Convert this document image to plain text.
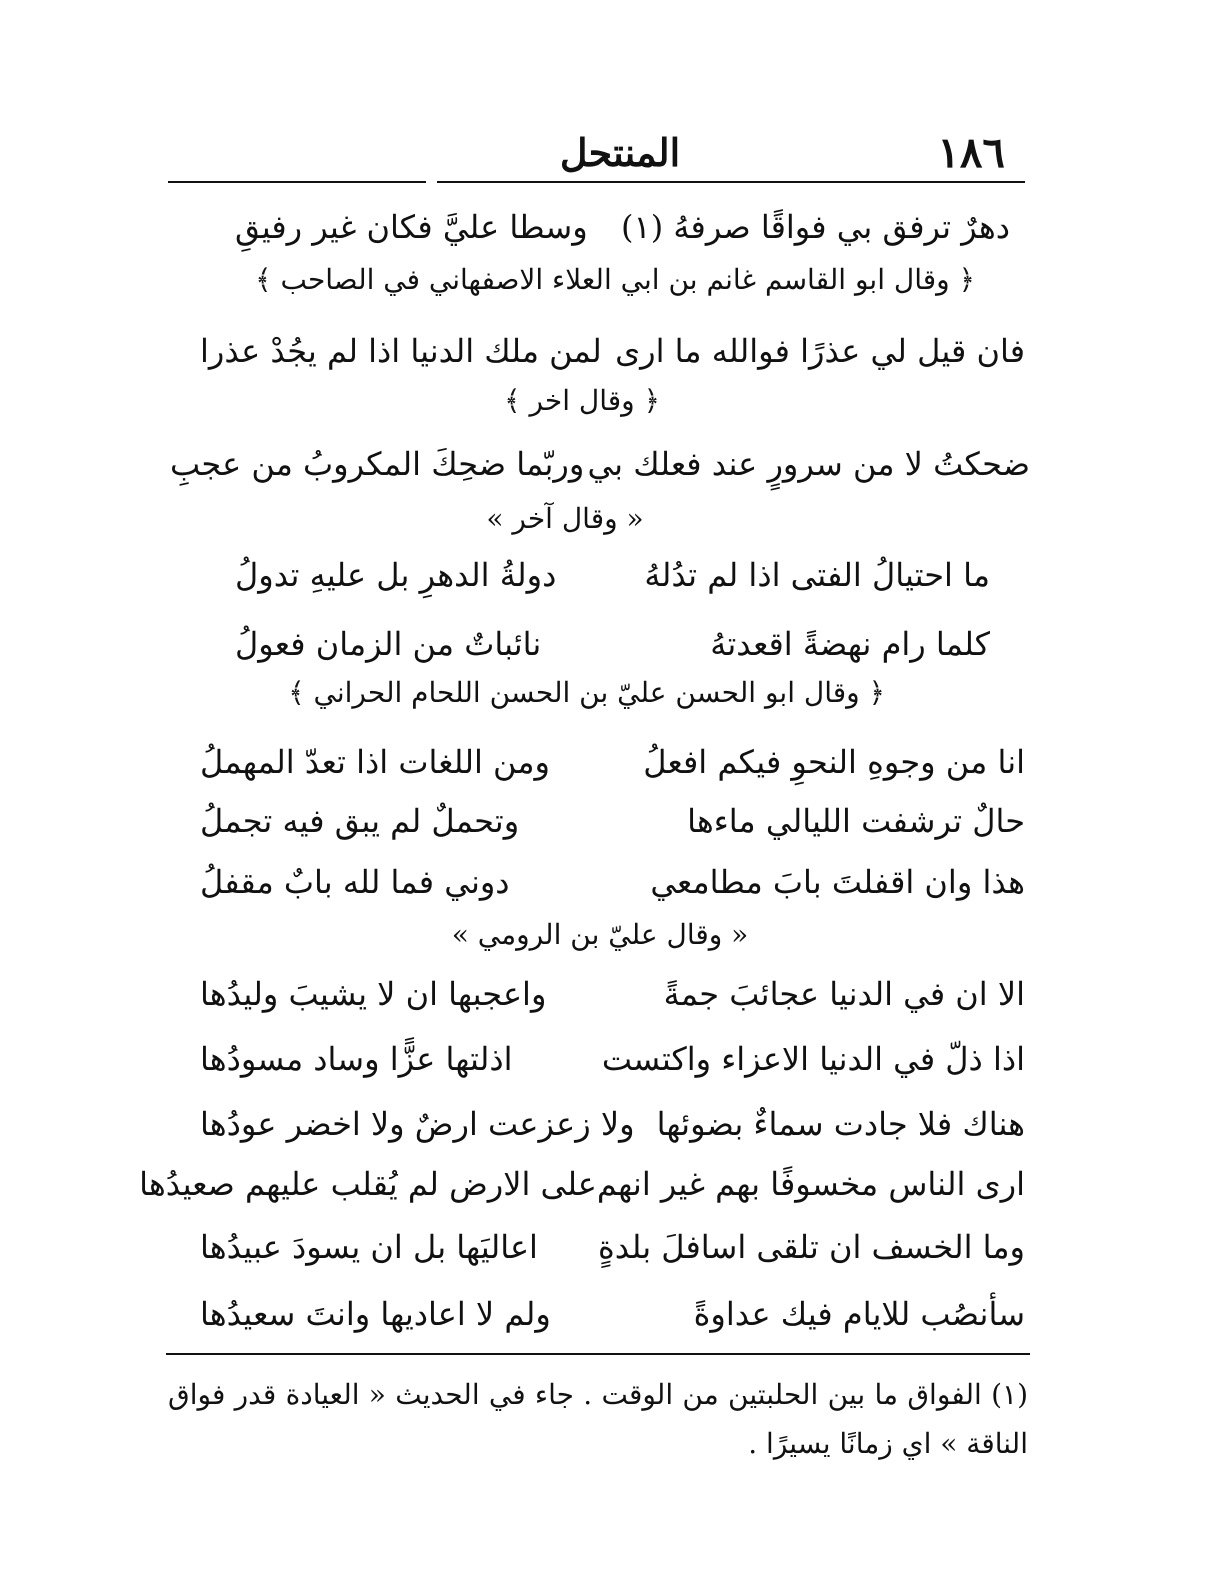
١٨٦
المنتحل
دهرٌ ترفق بي فواقًا صرفهُ (١)
وسطا عليَّ فكان غير رفيقِ
﴿ وقال ابو القاسم غانم بن ابي العلاء الاصفهاني في الصاحب ﴾
فان قيل لي عذرًا فوالله ما ارى
لمن ملك الدنيا اذا لم يجُدْ عذرا
﴿ وقال اخر ﴾
ضحكتُ لا من سرورٍ عند فعلك بي
وربّما ضحِكَ المكروبُ من عجبِ
« وقال آخر »
ما احتيالُ الفتى اذا لم تدُلهُ
دولةُ الدهرِ بل عليهِ تدولُ
كلما رام نهضةً اقعدتهُ
نائباتٌ من الزمان فعولُ
﴿ وقال ابو الحسن عليّ بن الحسن اللحام الحراني ﴾
انا من وجوهِ النحوِ فيكم افعلُ
ومن اللغات اذا تعدّ المهملُ
حالٌ ترشفت الليالي ماءها
وتحملٌ لم يبق فيه تجملُ
هذا وان اقفلتَ بابَ مطامعي
دوني فما لله بابٌ مقفلُ
« وقال عليّ بن الرومي »
الا ان في الدنيا عجائبَ جمةً
واعجبها ان لا يشيبَ وليدُها
اذا ذلّ في الدنيا الاعزاء واكتست
اذلتها عزًّا وساد مسودُها
هناك فلا جادت سماءٌ بضوئها
ولا زعزعت ارضٌ ولا اخضر عودُها
ارى الناس مخسوفًا بهم غير انهم
على الارض لم يُقلب عليهم صعيدُها
وما الخسف ان تلقى اسافلَ بلدةٍ
اعاليَها بل ان يسودَ عبيدُها
سأنصُب للايام فيك عداوةً
ولم لا اعاديها وانتَ سعيدُها
(١) الفواق ما بين الحلبتين من الوقت . جاء في الحديث « العيادة قدر فواق الناقة » اي زمانًا يسيرًا .
